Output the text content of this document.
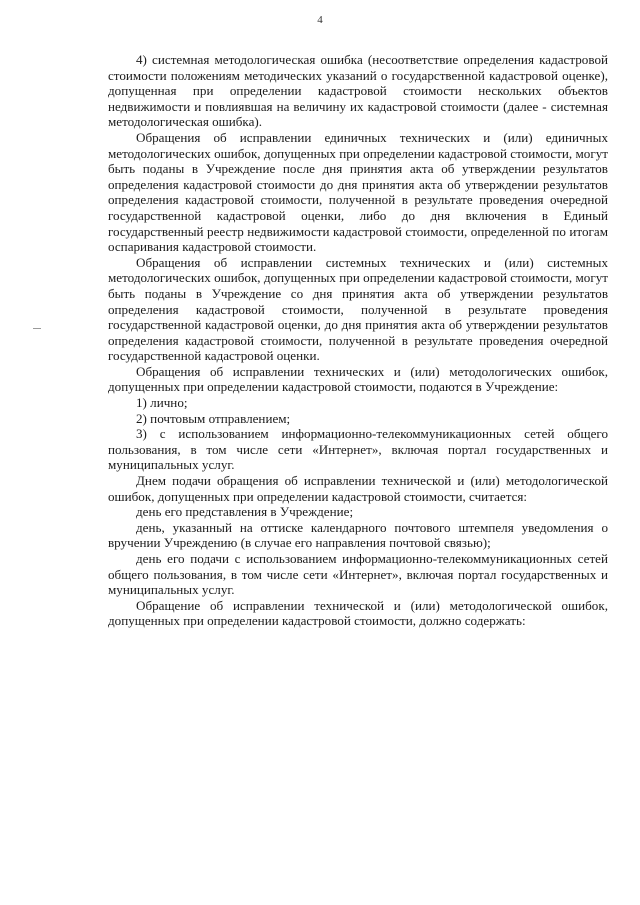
4

4) системная методологическая ошибка (несоответствие определения кадастровой стоимости положениям методических указаний о государственной кадастровой оценке), допущенная при определении кадастровой стоимости нескольких объектов недвижимости и повлиявшая на величину их кадастровой стоимости (далее - системная методологическая ошибка).

Обращения об исправлении единичных технических и (или) единичных методологических ошибок, допущенных при определении кадастровой стоимости, могут быть поданы в Учреждение после дня принятия акта об утверждении результатов определения кадастровой стоимости до дня принятия акта об утверждении результатов определения кадастровой стоимости, полученной в результате проведения очередной государственной кадастровой оценки, либо до дня включения в Единый государственный реестр недвижимости кадастровой стоимости, определенной по итогам оспаривания кадастровой стоимости.

Обращения об исправлении системных технических и (или) системных методологических ошибок, допущенных при определении кадастровой стоимости, могут быть поданы в Учреждение со дня принятия акта об утверждении результатов определения кадастровой стоимости, полученной в результате проведения государственной кадастровой оценки, до дня принятия акта об утверждении результатов определения кадастровой стоимости, полученной в результате проведения очередной государственной кадастровой оценки.

Обращения об исправлении технических и (или) методологических ошибок, допущенных при определении кадастровой стоимости, подаются в Учреждение:

1) лично;

2) почтовым отправлением;

3) с использованием информационно-телекоммуникационных сетей общего пользования, в том числе сети «Интернет», включая портал государственных и муниципальных услуг.

Днем подачи обращения об исправлении технической и (или) методологической ошибок, допущенных при определении кадастровой стоимости, считается:

день его представления в Учреждение;

день, указанный на оттиске календарного почтового штемпеля уведомления о вручении Учреждению (в случае его направления почтовой связью);

день его подачи с использованием информационно-телекоммуникационных сетей общего пользования, в том числе сети «Интернет», включая портал государственных и муниципальных услуг.

Обращение об исправлении технической и (или) методологической ошибок, допущенных при определении кадастровой стоимости, должно содержать:
